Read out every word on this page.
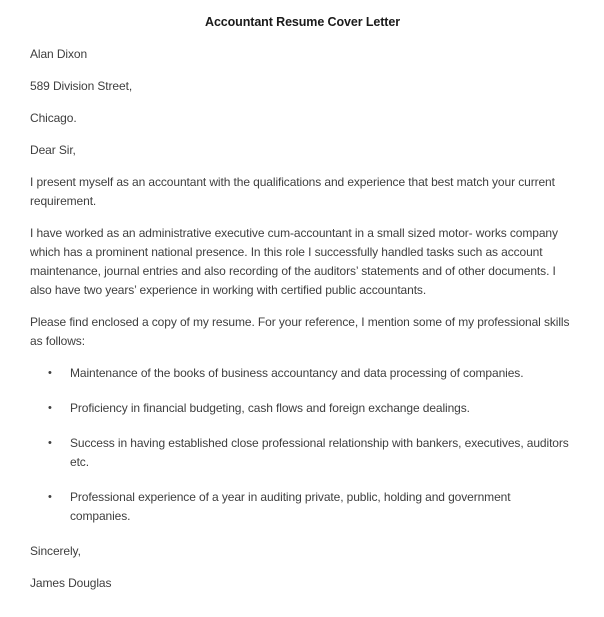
Accountant Resume Cover Letter

Alan Dixon

589 Division Street,

Chicago.

Dear Sir,

I present myself as an accountant with the qualifications and experience that best match your current requirement.

I have worked as an administrative executive cum-accountant in a small sized motor- works company which has a prominent national presence. In this role I successfully handled tasks such as account maintenance, journal entries and also recording of the auditors’ statements and of other documents. I also have two years’ experience in working with certified public accountants.

Please find enclosed a copy of my resume. For your reference, I mention some of my professional skills as follows:

•	Maintenance of the books of business accountancy and data processing of companies.
•	Proficiency in financial budgeting, cash flows and foreign exchange dealings.
•	Success in having established close professional relationship with bankers, executives, auditors etc.
•	Professional experience of a year in auditing private, public, holding and government companies.

Sincerely,

James Douglas
